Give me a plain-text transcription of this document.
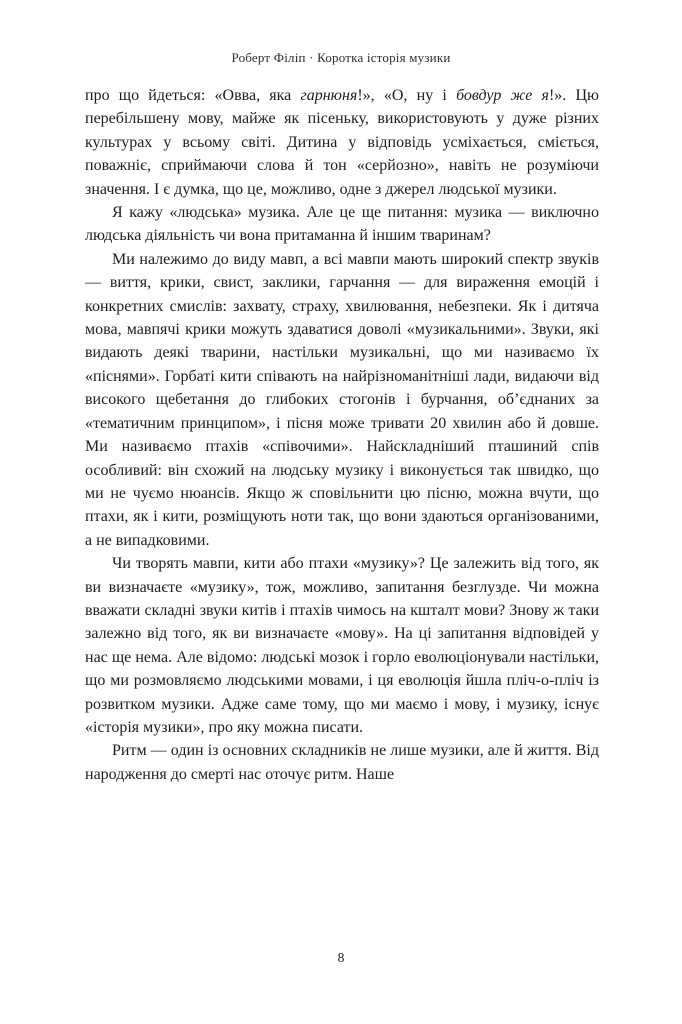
Роберт Філіп · Коротка історія музики

про що йдеться: «Овва, яка гарнюня!», «О, ну і бовдур же я!». Цю перебільшену мову, майже як пісеньку, використовують у дуже різних культурах у всьому світі. Дитина у відповідь усміхається, сміється, поважніє, сприймаючи слова й тон «серйозно», навіть не розуміючи значення. І є думка, що це, можливо, одне з джерел людської музики.

Я кажу «людська» музика. Але це ще питання: музика — виключно людська діяльність чи вона притаманна й іншим тваринам?

Ми належимо до виду мавп, а всі мавпи мають широкий спектр звуків — виття, крики, свист, заклики, гарчання — для вираження емоцій і конкретних смислів: захвату, страху, хвилювання, небезпеки. Як і дитяча мова, мавпячі крики можуть здаватися доволі «музикальними». Звуки, які видають деякі тварини, настільки музикальні, що ми називаємо їх «піснями». Горбаті кити співають на найрізноманітніші лади, видаючи від високого щебетання до глибоких стогонів і бурчання, об’єднаних за «тематичним принципом», і пісня може тривати 20 хвилин або й довше. Ми називаємо птахів «співочими». Найскладніший пташиний спів особливий: він схожий на людську музику і виконується так швидко, що ми не чуємо нюансів. Якщо ж сповільнити цю пісню, можна вчути, що птахи, як і кити, розміщують ноти так, що вони здаються організованими, а не випадковими.

Чи творять мавпи, кити або птахи «музику»? Це залежить від того, як ви визначаєте «музику», тож, можливо, запитання безглузде. Чи можна вважати складні звуки китів і птахів чимось на кшталт мови? Знову ж таки залежно від того, як ви визначаєте «мову». На ці запитання відповідей у нас ще нема. Але відомо: людські мозок і горло еволюціонували настільки, що ми розмовляємо людськими мовами, і ця еволюція йшла пліч-о-пліч із розвитком музики. Адже саме тому, що ми маємо і мову, і музику, існує «історія музики», про яку можна писати.

Ритм — один із основних складників не лише музики, але й життя. Від народження до смерті нас оточує ритм. Наше

8
